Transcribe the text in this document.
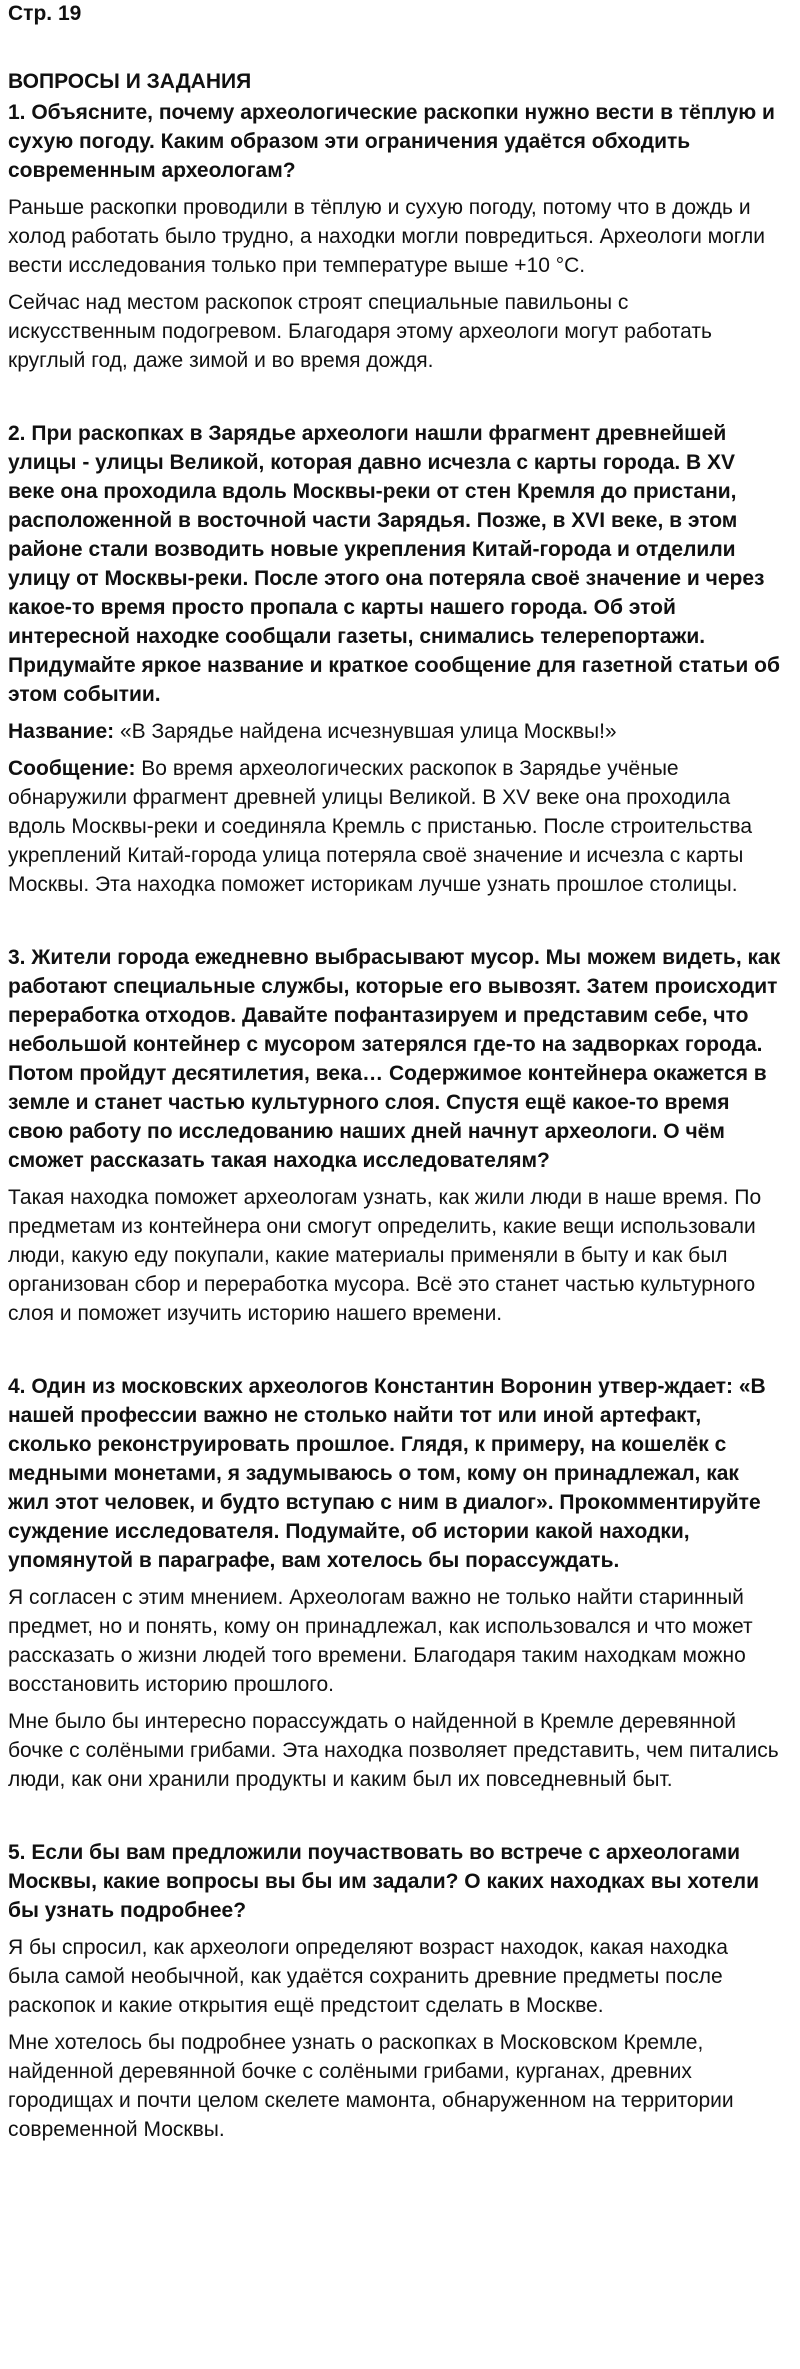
Стр. 19

ВОПРОСЫ И ЗАДАНИЯ

1. Объясните, почему археологические раскопки нужно вести в тёплую и сухую погоду. Каким образом эти ограничения удаётся обходить современным археологам?

Раньше раскопки проводили в тёплую и сухую погоду, потому что в дождь и холод работать было трудно, а находки могли повредиться. Археологи могли вести исследования только при температуре выше +10 °С.

Сейчас над местом раскопок строят специальные павильоны с искусственным подогревом. Благодаря этому археологи могут работать круглый год, даже зимой и во время дождя.

2. При раскопках в Зарядье археологи нашли фрагмент древнейшей улицы - улицы Великой, которая давно исчезла с карты города. В XV веке она проходила вдоль Москвы-реки от стен Кремля до пристани, расположенной в восточной части Зарядья. Позже, в XVI веке, в этом районе стали возводить новые укрепления Китай-города и отделили улицу от Москвы-реки. После этого она потеряла своё значение и через какое-то время просто пропала с карты нашего города. Об этой интересной находке сообщали газеты, снимались телерепортажи. Придумайте яркое название и краткое сообщение для газетной статьи об этом событии.

Название: «В Зарядье найдена исчезнувшая улица Москвы!»

Сообщение: Во время археологических раскопок в Зарядье учёные обнаружили фрагмент древней улицы Великой. В XV веке она проходила вдоль Москвы-реки и соединяла Кремль с пристанью. После строительства укреплений Китай-города улица потеряла своё значение и исчезла с карты Москвы. Эта находка поможет историкам лучше узнать прошлое столицы.

3. Жители города ежедневно выбрасывают мусор. Мы можем видеть, как работают специальные службы, которые его вывозят. Затем происходит переработка отходов. Давайте пофантазируем и представим себе, что небольшой контейнер с мусором затерялся где-то на задворках города. Потом пройдут десятилетия, века… Содержимое контейнера окажется в земле и станет частью культурного слоя. Спустя ещё какое-то время свою работу по исследованию наших дней начнут археологи. О чём сможет рассказать такая находка исследователям?

Такая находка поможет археологам узнать, как жили люди в наше время. По предметам из контейнера они смогут определить, какие вещи использовали люди, какую еду покупали, какие материалы применяли в быту и как был организован сбор и переработка мусора. Всё это станет частью культурного слоя и поможет изучить историю нашего времени.

4. Один из московских археологов Константин Воронин утвер-ждает: «В нашей профессии важно не столько найти тот или иной артефакт, сколько реконструировать прошлое. Глядя, к примеру, на кошелёк с медными монетами, я задумываюсь о том, кому он принадлежал, как жил этот человек, и будто вступаю с ним в диалог». Прокомментируйте суждение исследователя. Подумайте, об истории какой находки, упомянутой в параграфе, вам хотелось бы порассуждать.

Я согласен с этим мнением. Археологам важно не только найти старинный предмет, но и понять, кому он принадлежал, как использовался и что может рассказать о жизни людей того времени. Благодаря таким находкам можно восстановить историю прошлого.

Мне было бы интересно порассуждать о найденной в Кремле деревянной бочке с солёными грибами. Эта находка позволяет представить, чем питались люди, как они хранили продукты и каким был их повседневный быт.

5. Если бы вам предложили поучаствовать во встрече с археологами Москвы, какие вопросы вы бы им задали? О каких находках вы хотели бы узнать подробнее?

Я бы спросил, как археологи определяют возраст находок, какая находка была самой необычной, как удаётся сохранить древние предметы после раскопок и какие открытия ещё предстоит сделать в Москве.

Мне хотелось бы подробнее узнать о раскопках в Московском Кремле, найденной деревянной бочке с солёными грибами, курганах, древних городищах и почти целом скелете мамонта, обнаруженном на территории современной Москвы.
